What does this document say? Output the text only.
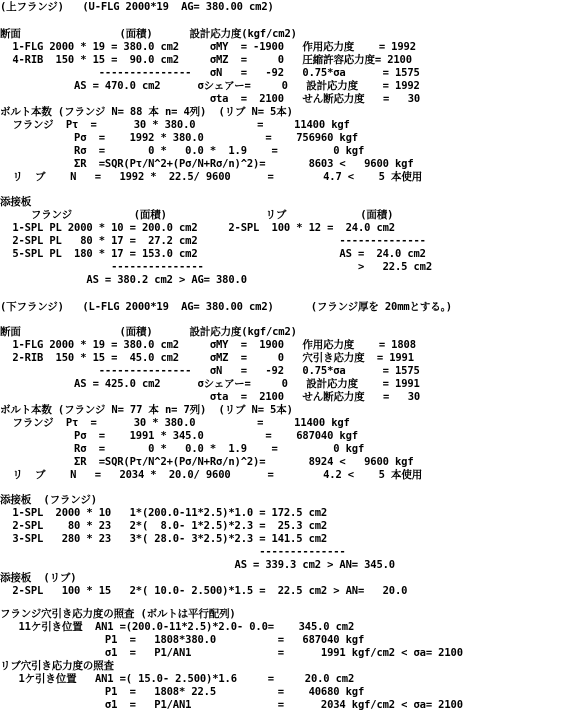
(上フランジ)   (U-FLG 2000*19  AG= 380.00 cm2)
断面                (面積)      設計応力度(kgf/cm2)
1-FLG 2000 * 19 = 380.0 cm2     σMY  = -1900   作用応力度    = 1992
4-RIB  150 * 15 =  90.0 cm2     σMZ  =     0   圧縮許容応力度= 2100
---------------   σN   =   -92   0.75*σa      = 1575
AS = 470.0 cm2      σシェアー=     0   設計応力度    = 1992
σta  =  2100   せん断応力度   =   30
ボルト本数 (フランジ N= 88 本 n= 4列)  (リブ N= 5本)
フランジ  Pτ  =      30 * 380.0          =     11400 kgf
Pσ  =    1992 * 380.0          =    756960 kgf
Rσ  =       0 *   0.0 *  1.9    =         0 kgf
ΣR  =SQR(Pτ/N^2+(Pσ/N+Rσ/n)^2)=       8603 <   9600 kgf
リ  ブ    N   =   1992 *  22.5/ 9600      =        4.7 <    5 本使用
添接板
フランジ          (面積)                リブ            (面積)
1-SPL PL 2000 * 10 = 200.0 cm2     2-SPL  100 * 12 =  24.0 cm2
2-SPL PL   80 * 17 =  27.2 cm2                       --------------
5-SPL PL  180 * 17 = 153.0 cm2                       AS =  24.0 cm2
---------------                         >   22.5 cm2
AS = 380.2 cm2 > AG= 380.0
(下フランジ)   (L-FLG 2000*19  AG= 380.00 cm2)      (フランジ厚を 20mmとする。)
断面                (面積)      設計応力度(kgf/cm2)
1-FLG 2000 * 19 = 380.0 cm2     σMY  =  1900   作用応力度    = 1808
2-RIB  150 * 15 =  45.0 cm2     σMZ  =     0   穴引き応力度  = 1991
---------------   σN   =   -92   0.75*σa      = 1575
AS = 425.0 cm2      σシェアー=     0   設計応力度    = 1991
σta  =  2100   せん断応力度   =   30
ボルト本数 (フランジ N= 77 本 n= 7列)  (リブ N= 5本)
フランジ  Pτ  =      30 * 380.0          =     11400 kgf
Pσ  =    1991 * 345.0          =    687040 kgf
Rσ  =       0 *   0.0 *  1.9    =         0 kgf
ΣR  =SQR(Pτ/N^2+(Pσ/N+Rσ/n)^2)=       8924 <   9600 kgf
リ  ブ    N   =   2034 *  20.0/ 9600      =        4.2 <    5 本使用
添接板  (フランジ)
1-SPL  2000 * 10   1*(200.0-11*2.5)*1.0 = 172.5 cm2
2-SPL    80 * 23   2*(  8.0- 1*2.5)*2.3 =  25.3 cm2
3-SPL   280 * 23   3*( 28.0- 3*2.5)*2.3 = 141.5 cm2
--------------
AS = 339.3 cm2 > AN= 345.0
添接板  (リブ)
2-SPL   100 * 15   2*( 10.0- 2.500)*1.5 =  22.5 cm2 > AN=   20.0
フランジ穴引き応力度の照査 (ボルトは平行配列)
11ケ引き位置  AN1 =(200.0-11*2.5)*2.0- 0.0=    345.0 cm2
P1  =   1808*380.0          =   687040 kgf
σ1  =   P1/AN1              =      1991 kgf/cm2 < σa= 2100
リブ穴引き応力度の照査
1ケ引き位置   AN1 =( 15.0- 2.500)*1.6     =     20.0 cm2
P1  =   1808* 22.5          =    40680 kgf
σ1  =   P1/AN1              =      2034 kgf/cm2 < σa= 2100
